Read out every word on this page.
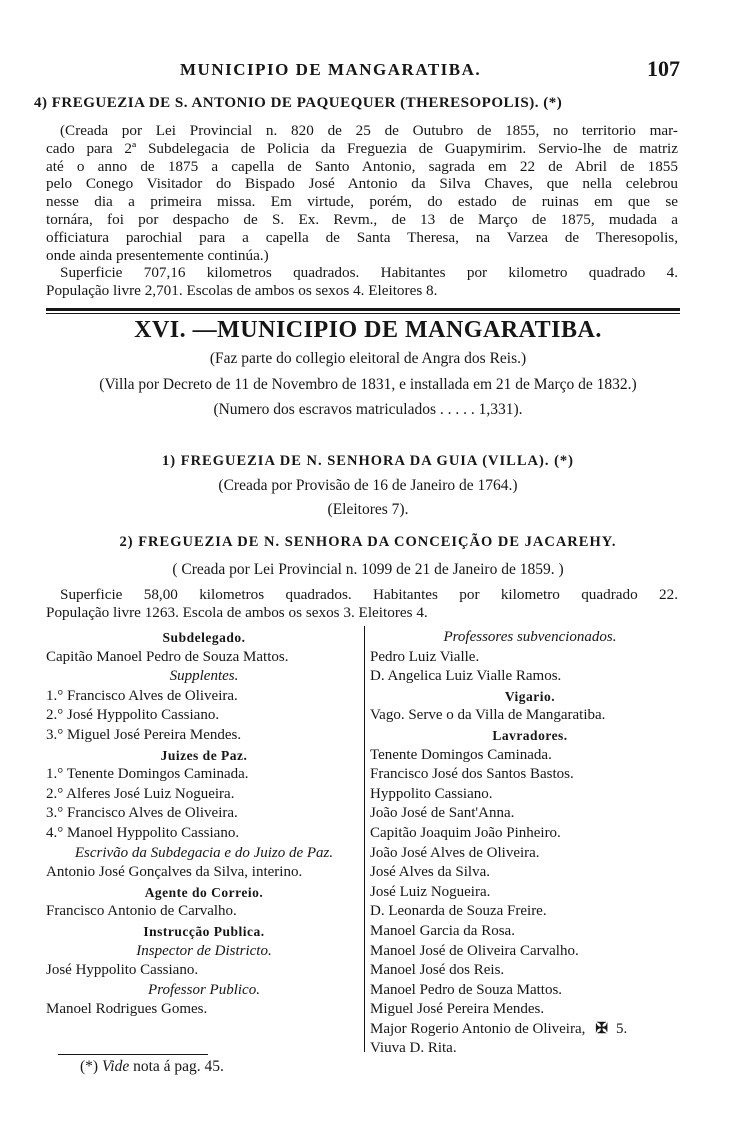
MUNICIPIO DE MANGARATIBA.	107
4) FREGUEZIA DE S. ANTONIO DE PAQUEQUER (THERESOPOLIS). (*)
(Creada por Lei Provincial n. 820 de 25 de Outubro de 1855, no territorio mar-
cado para 2ª Subdelegacia de Policia da Freguezia de Guapymirim. Servio-lhe de matriz
até o anno de 1875 a capella de Santo Antonio, sagrada em 22 de Abril de 1855
pelo Conego Visitador do Bispado José Antonio da Silva Chaves, que nella celebrou
nesse dia a primeira missa. Em virtude, porém, do estado de ruinas em que se
tornára, foi por despacho de S. Ex. Revm., de 13 de Março de 1875, mudada a
officiatura parochial para a capella de Santa Theresa, na Varzea de Theresopolis,
onde ainda presentemente continúa.)
Superficie 707,16 kilometros quadrados. Habitantes por kilometro quadrado 4.
População livre 2,701. Escolas de ambos os sexos 4. Eleitores 8.
XVI. —MUNICIPIO DE MANGARATIBA.
(Faz parte do collegio eleitoral de Angra dos Reis.)
(Villa por Decreto de 11 de Novembro de 1831, e installada em 21 de Março de 1832.)
(Numero dos escravos matriculados . . . . . 1,331).
1) FREGUEZIA DE N. SENHORA DA GUIA (VILLA). (*)
(Creada por Provisão de 16 de Janeiro de 1764.)
(Eleitores 7).
2) FREGUEZIA DE N. SENHORA DA CONCEIÇÃO DE JACAREHY.
( Creada por Lei Provincial n. 1099 de 21 de Janeiro de 1859. )
Superficie 58,00 kilometros quadrados. Habitantes por kilometro quadrado 22.
População livre 1263. Escola de ambos os sexos 3. Eleitores 4.
Subdelegado.
Capitão Manoel Pedro de Souza Mattos.
Supplentes.
1.° Francisco Alves de Oliveira.
2.° José Hyppolito Cassiano.
3.° Miguel José Pereira Mendes.
Juizes de Paz.
1.° Tenente Domingos Caminada.
2.° Alferes José Luiz Nogueira.
3.° Francisco Alves de Oliveira.
4.° Manoel Hyppolito Cassiano.
Escrivão da Subdegacia e do Juizo de Paz.
Antonio José Gonçalves da Silva, interino.
Agente do Correio.
Francisco Antonio de Carvalho.
Instrucção Publica.
Inspector de Districto.
José Hyppolito Cassiano.
Professor Publico.
Manoel Rodrigues Gomes.
Professores subvencionados.
Pedro Luiz Vialle.
D. Angelica Luiz Vialle Ramos.
Vigario.
Vago. Serve o da Villa de Mangaratiba.
Lavradores.
Tenente Domingos Caminada.
Francisco José dos Santos Bastos.
Hyppolito Cassiano.
João José de Sant'Anna.
Capitão Joaquim João Pinheiro.
João José Alves de Oliveira.
José Alves da Silva.
José Luiz Nogueira.
D. Leonarda de Souza Freire.
Manoel Garcia da Rosa.
Manoel José de Oliveira Carvalho.
Manoel José dos Reis.
Manoel Pedro de Souza Mattos.
Miguel José Pereira Mendes.
Major Rogerio Antonio de Oliveira, ✠ 5.
Viuva D. Rita.
(*) Vide nota á pag. 45.
